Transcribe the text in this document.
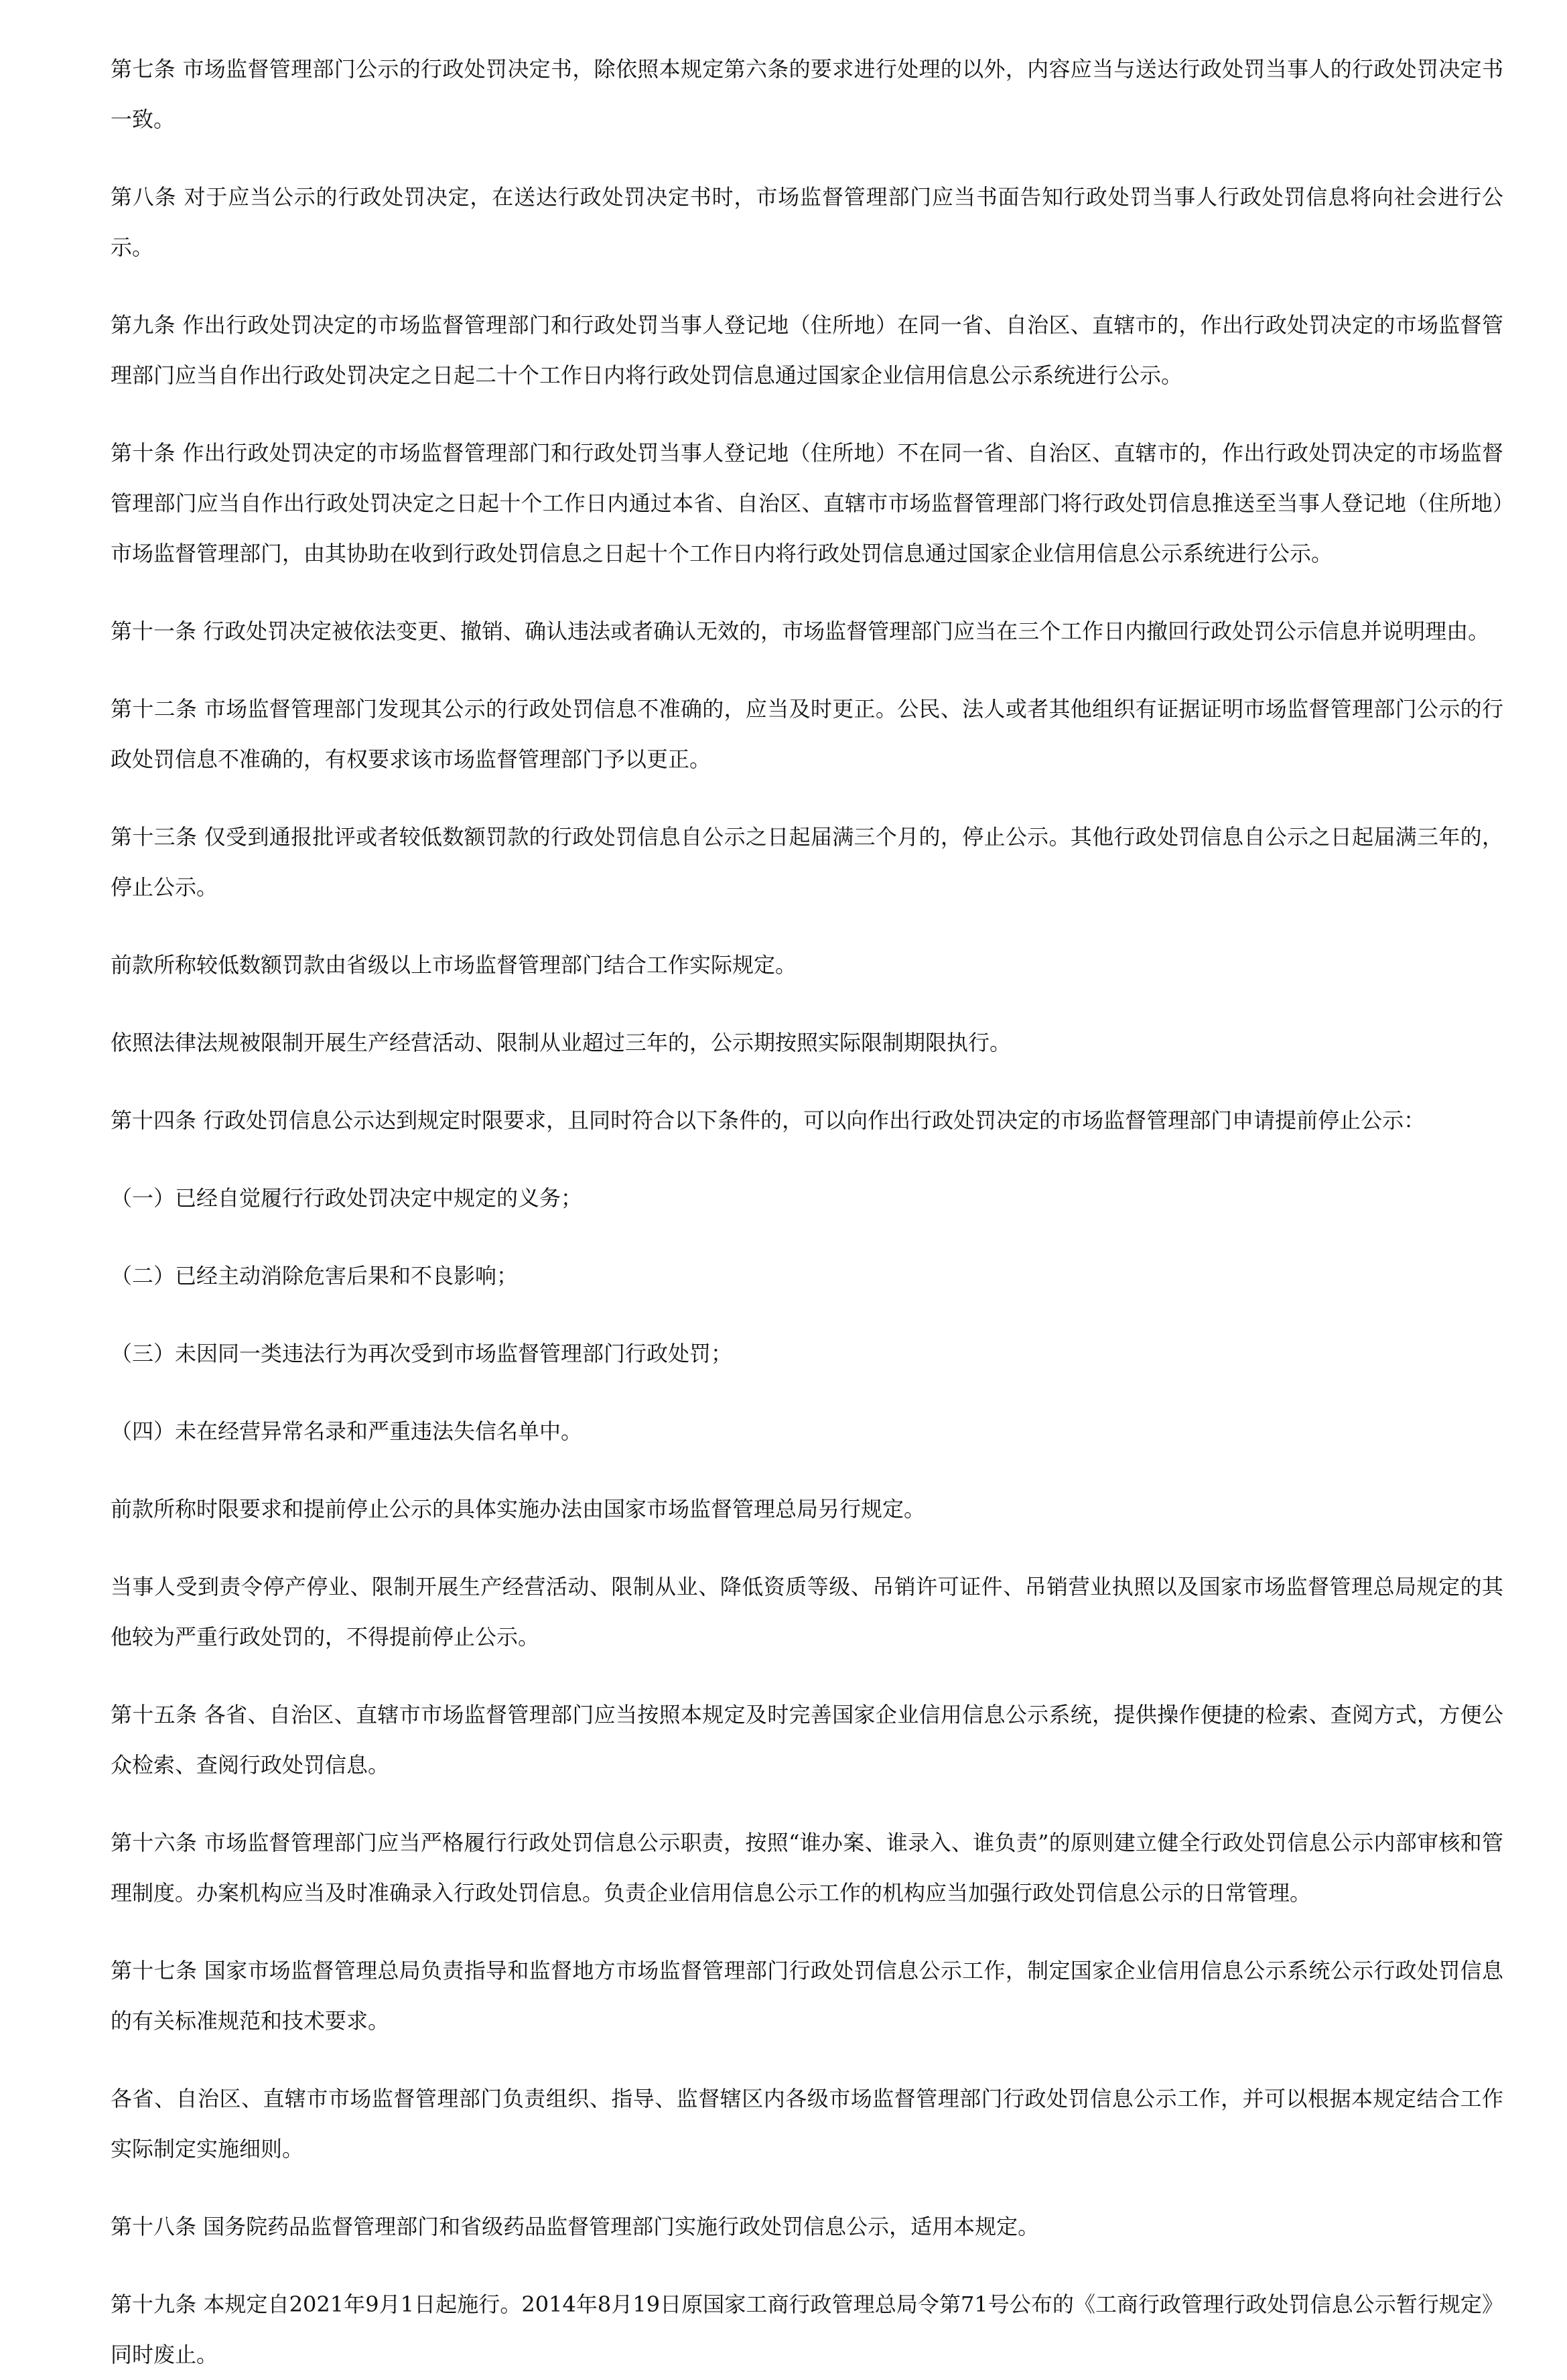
第七条 市场监督管理部门公示的行政处罚决定书，除依照本规定第六条的要求进行处理的以外，内容应当与送达行政处罚当事人的行政处罚决定书一致。

第八条 对于应当公示的行政处罚决定，在送达行政处罚决定书时，市场监督管理部门应当书面告知行政处罚当事人行政处罚信息将向社会进行公示。

第九条 作出行政处罚决定的市场监督管理部门和行政处罚当事人登记地（住所地）在同一省、自治区、直辖市的，作出行政处罚决定的市场监督管理部门应当自作出行政处罚决定之日起二十个工作日内将行政处罚信息通过国家企业信用信息公示系统进行公示。

第十条 作出行政处罚决定的市场监督管理部门和行政处罚当事人登记地（住所地）不在同一省、自治区、直辖市的，作出行政处罚决定的市场监督管理部门应当自作出行政处罚决定之日起十个工作日内通过本省、自治区、直辖市市场监督管理部门将行政处罚信息推送至当事人登记地（住所地）市场监督管理部门，由其协助在收到行政处罚信息之日起十个工作日内将行政处罚信息通过国家企业信用信息公示系统进行公示。

第十一条 行政处罚决定被依法变更、撤销、确认违法或者确认无效的，市场监督管理部门应当在三个工作日内撤回行政处罚公示信息并说明理由。

第十二条 市场监督管理部门发现其公示的行政处罚信息不准确的，应当及时更正。公民、法人或者其他组织有证据证明市场监督管理部门公示的行政处罚信息不准确的，有权要求该市场监督管理部门予以更正。

第十三条 仅受到通报批评或者较低数额罚款的行政处罚信息自公示之日起届满三个月的，停止公示。其他行政处罚信息自公示之日起届满三年的，停止公示。

前款所称较低数额罚款由省级以上市场监督管理部门结合工作实际规定。

依照法律法规被限制开展生产经营活动、限制从业超过三年的，公示期按照实际限制期限执行。

第十四条 行政处罚信息公示达到规定时限要求，且同时符合以下条件的，可以向作出行政处罚决定的市场监督管理部门申请提前停止公示：

（一）已经自觉履行行政处罚决定中规定的义务；

（二）已经主动消除危害后果和不良影响；

（三）未因同一类违法行为再次受到市场监督管理部门行政处罚；

（四）未在经营异常名录和严重违法失信名单中。

前款所称时限要求和提前停止公示的具体实施办法由国家市场监督管理总局另行规定。

当事人受到责令停产停业、限制开展生产经营活动、限制从业、降低资质等级、吊销许可证件、吊销营业执照以及国家市场监督管理总局规定的其他较为严重行政处罚的，不得提前停止公示。

第十五条 各省、自治区、直辖市市场监督管理部门应当按照本规定及时完善国家企业信用信息公示系统，提供操作便捷的检索、查阅方式，方便公众检索、查阅行政处罚信息。

第十六条 市场监督管理部门应当严格履行行政处罚信息公示职责，按照“谁办案、谁录入、谁负责”的原则建立健全行政处罚信息公示内部审核和管理制度。办案机构应当及时准确录入行政处罚信息。负责企业信用信息公示工作的机构应当加强行政处罚信息公示的日常管理。

第十七条 国家市场监督管理总局负责指导和监督地方市场监督管理部门行政处罚信息公示工作，制定国家企业信用信息公示系统公示行政处罚信息的有关标准规范和技术要求。

各省、自治区、直辖市市场监督管理部门负责组织、指导、监督辖区内各级市场监督管理部门行政处罚信息公示工作，并可以根据本规定结合工作实际制定实施细则。

第十八条 国务院药品监督管理部门和省级药品监督管理部门实施行政处罚信息公示，适用本规定。

第十九条 本规定自2021年9月1日起施行。2014年8月19日原国家工商行政管理总局令第71号公布的《工商行政管理行政处罚信息公示暂行规定》同时废止。
